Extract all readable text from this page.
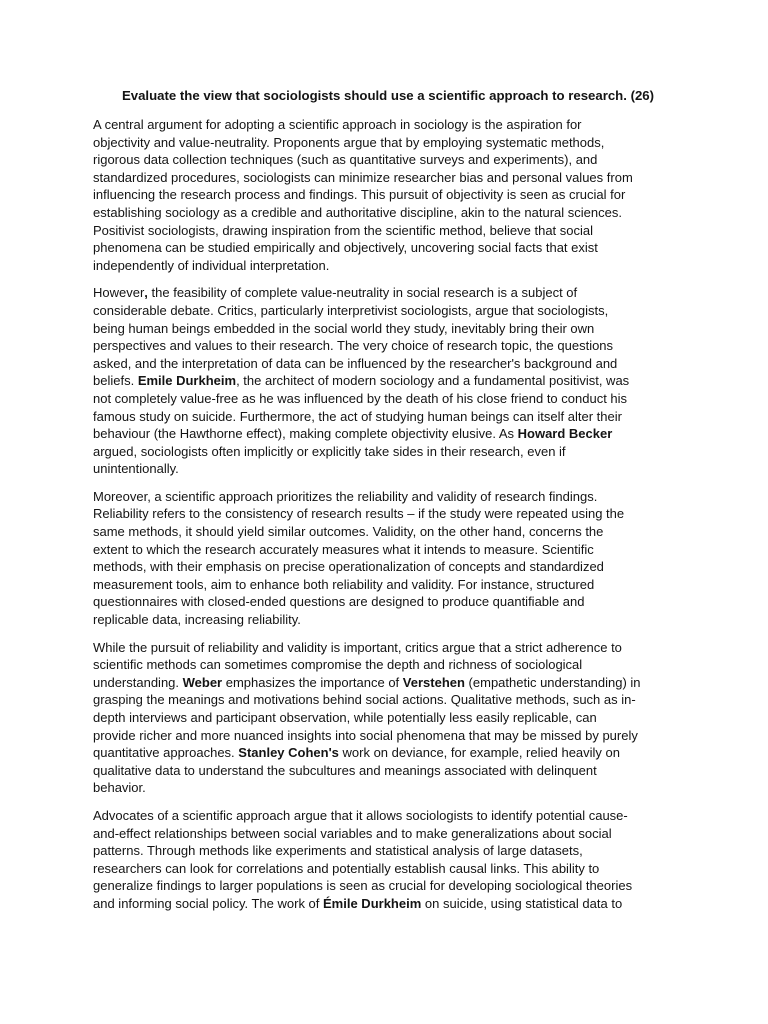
Evaluate the view that sociologists should use a scientific approach to research. (26)
A central argument for adopting a scientific approach in sociology is the aspiration for
objectivity and value-neutrality. Proponents argue that by employing systematic methods,
rigorous data collection techniques (such as quantitative surveys and experiments), and
standardized procedures, sociologists can minimize researcher bias and personal values from
influencing the research process and findings. This pursuit of objectivity is seen as crucial for
establishing sociology as a credible and authoritative discipline, akin to the natural sciences.
Positivist sociologists, drawing inspiration from the scientific method, believe that social
phenomena can be studied empirically and objectively, uncovering social facts that exist
independently of individual interpretation.
However, the feasibility of complete value-neutrality in social research is a subject of
considerable debate. Critics, particularly interpretivist sociologists, argue that sociologists,
being human beings embedded in the social world they study, inevitably bring their own
perspectives and values to their research. The very choice of research topic, the questions
asked, and the interpretation of data can be influenced by the researcher's background and
beliefs. Emile Durkheim, the architect of modern sociology and a fundamental positivist, was
not completely value-free as he was influenced by the death of his close friend to conduct his
famous study on suicide. Furthermore, the act of studying human beings can itself alter their
behaviour (the Hawthorne effect), making complete objectivity elusive. As Howard Becker
argued, sociologists often implicitly or explicitly take sides in their research, even if
unintentionally.
Moreover, a scientific approach prioritizes the reliability and validity of research findings.
Reliability refers to the consistency of research results – if the study were repeated using the
same methods, it should yield similar outcomes. Validity, on the other hand, concerns the
extent to which the research accurately measures what it intends to measure. Scientific
methods, with their emphasis on precise operationalization of concepts and standardized
measurement tools, aim to enhance both reliability and validity. For instance, structured
questionnaires with closed-ended questions are designed to produce quantifiable and
replicable data, increasing reliability.
While the pursuit of reliability and validity is important, critics argue that a strict adherence to
scientific methods can sometimes compromise the depth and richness of sociological
understanding. Weber emphasizes the importance of Verstehen (empathetic understanding) in
grasping the meanings and motivations behind social actions. Qualitative methods, such as in-
depth interviews and participant observation, while potentially less easily replicable, can
provide richer and more nuanced insights into social phenomena that may be missed by purely
quantitative approaches. Stanley Cohen's work on deviance, for example, relied heavily on
qualitative data to understand the subcultures and meanings associated with delinquent
behavior.
Advocates of a scientific approach argue that it allows sociologists to identify potential cause-
and-effect relationships between social variables and to make generalizations about social
patterns. Through methods like experiments and statistical analysis of large datasets,
researchers can look for correlations and potentially establish causal links. This ability to
generalize findings to larger populations is seen as crucial for developing sociological theories
and informing social policy. The work of Émile Durkheim on suicide, using statistical data to
